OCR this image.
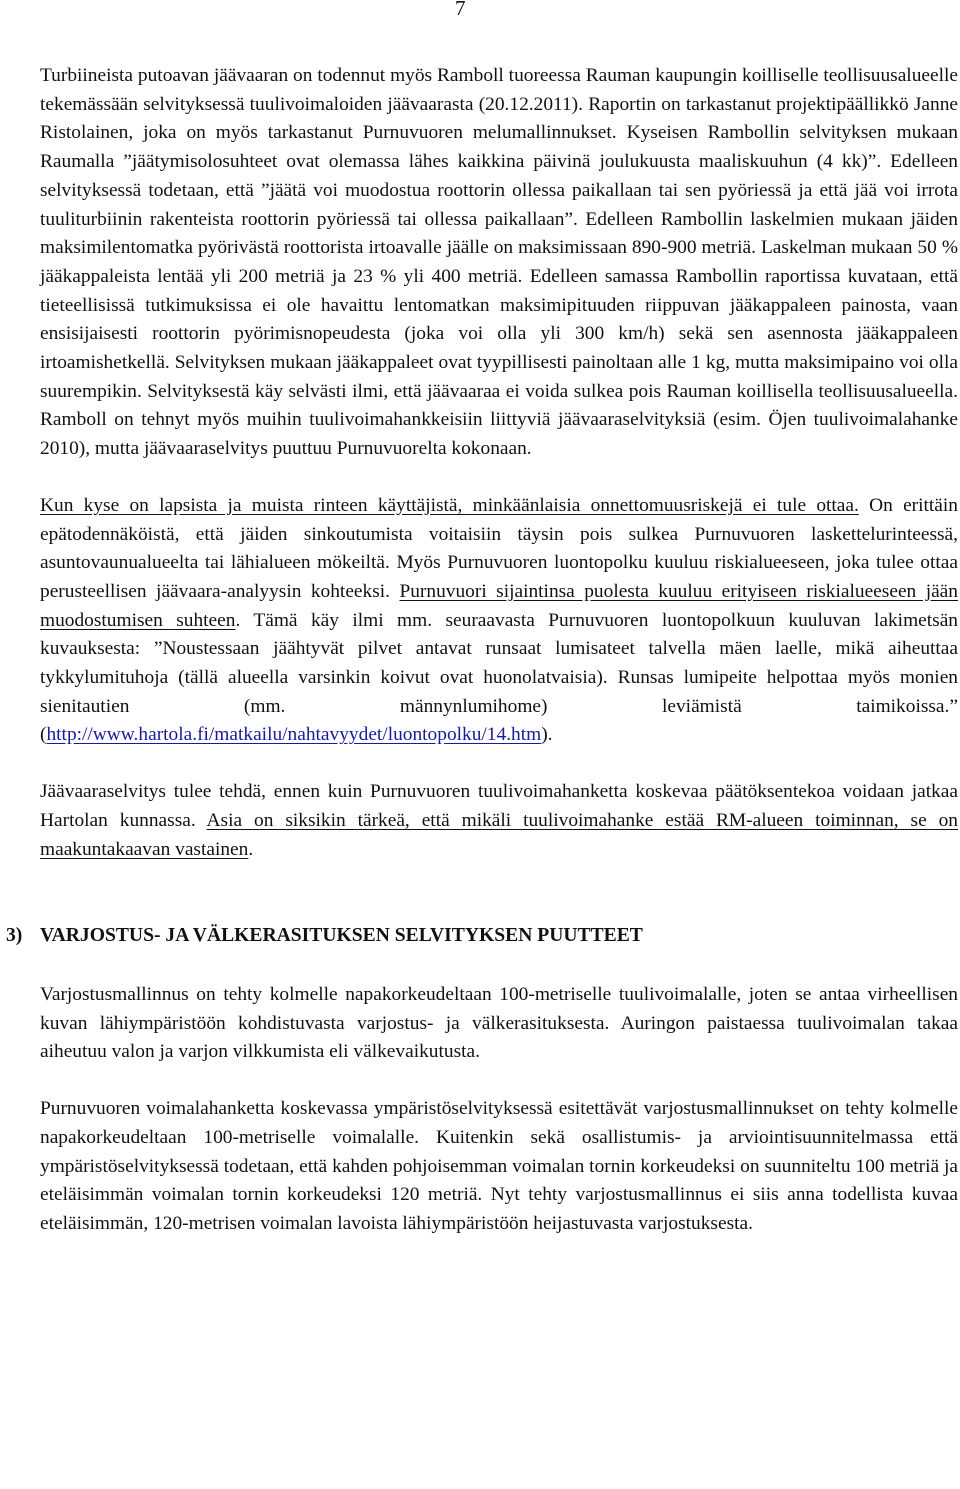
7

Turbiineista putoavan jäävaaran on todennut myös Ramboll tuoreessa Rauman kaupungin koilliselle teollisuusalueelle tekemässään selvityksessä tuulivoimaloiden jäävaarasta (20.12.2011). Raportin on tarkastanut projektipäällikkö Janne Ristolainen, joka on myös tarkastanut Purnuvuoren melumallinnukset. Kyseisen Rambollin selvityksen mukaan Raumalla ”jäätymisolosuhteet ovat olemassa lähes kaikkina päivinä joulukuusta maaliskuuhun (4 kk)”. Edelleen selvityksessä todetaan, että ”jäätä voi muodostua roottorin ollessa paikallaan tai sen pyöriessä ja että jää voi irrota tuuliturbiinin rakenteista roottorin pyöriessä tai ollessa paikallaan”. Edelleen Rambollin laskelmien mukaan jäiden maksimilentomatka pyörivästä roottorista irtoavalle jäälle on maksimissaan 890-900 metriä. Laskelman mukaan 50 % jääkappaleista lentää yli 200 metriä ja 23 % yli 400 metriä. Edelleen samassa Rambollin raportissa kuvataan, että tieteellisissä tutkimuksissa ei ole havaittu lentomatkan maksimipituuden riippuvan jääkappaleen painosta, vaan ensisijaisesti roottorin pyörimisnopeudesta (joka voi olla yli 300 km/h) sekä sen asennosta jääkappaleen irtoamishetkellä. Selvityksen mukaan jääkappaleet ovat tyypillisesti painoltaan alle 1 kg, mutta maksimipaino voi olla suurempikin. Selvityksestä käy selvästi ilmi, että jäävaaraa ei voida sulkea pois Rauman koillisella teollisuusalueella. Ramboll on tehnyt myös muihin tuulivoimahankkeisiin liittyviä jäävaaraselvityksiä (esim. Öjen tuulivoimalahanke 2010), mutta jäävaaraselvitys puuttuu Purnuvuorelta kokonaan.

Kun kyse on lapsista ja muista rinteen käyttäjistä, minkäänlaisia onnettomuusriskejä ei tule ottaa. On erittäin epätodennäköistä, että jäiden sinkoutumista voitaisiin täysin pois sulkea Purnuvuoren laskettelurinteessä, asuntovaunualueelta tai lähialueen mökeiltä. Myös Purnuvuoren luontopolku kuuluu riskialueeseen, joka tulee ottaa perusteellisen jäävaara-analyysin kohteeksi. Purnuvuori sijaintinsa puolesta kuuluu erityiseen riskialueeseen jään muodostumisen suhteen. Tämä käy ilmi mm. seuraavasta Purnuvuoren luontopolkuun kuuluvan lakimetsän kuvauksesta: ”Noustessaan jäähtyvät pilvet antavat runsaat lumisateet talvella mäen laelle, mikä aiheuttaa tykkylumituhoja (tällä alueella varsinkin koivut ovat huonolatvaisia). Runsas lumipeite helpottaa myös monien sienitautien (mm. männynlumihome) leviämistä taimikoissa.” (http://www.hartola.fi/matkailu/nahtavyydet/luontopolku/14.htm).

Jäävaaraselvitys tulee tehdä, ennen kuin Purnuvuoren tuulivoimahanketta koskevaa päätöksentekoa voidaan jatkaa Hartolan kunnassa. Asia on siksikin tärkeä, että mikäli tuulivoimahanke estää RM-alueen toiminnan, se on maakuntakaavan vastainen.

3) VARJOSTUS- JA VÄLKERASITUKSEN SELVITYKSEN PUUTTEET

Varjostusmallinnus on tehty kolmelle napakorkeudeltaan 100-metriselle tuulivoimalalle, joten se antaa virheellisen kuvan lähiympäristöön kohdistuvasta varjostus- ja välkerasituksesta. Auringon paistaessa tuulivoimalan takaa aiheutuu valon ja varjon vilkkumista eli välkevaikutusta.

Purnuvuoren voimalahanketta koskevassa ympäristöselvityksessä esitettävät varjostusmallinnukset on tehty kolmelle napakorkeudeltaan 100-metriselle voimalalle. Kuitenkin sekä osallistumis- ja arviointisuunnitelmassa että ympäristöselvityksessä todetaan, että kahden pohjoisemman voimalan tornin korkeudeksi on suunniteltu 100 metriä ja eteläisimmän voimalan tornin korkeudeksi 120 metriä. Nyt tehty varjostusmallinnus ei siis anna todellista kuvaa eteläisimmän, 120-metrisen voimalan lavoista lähiympäristöön heijastuvasta varjostuksesta.
